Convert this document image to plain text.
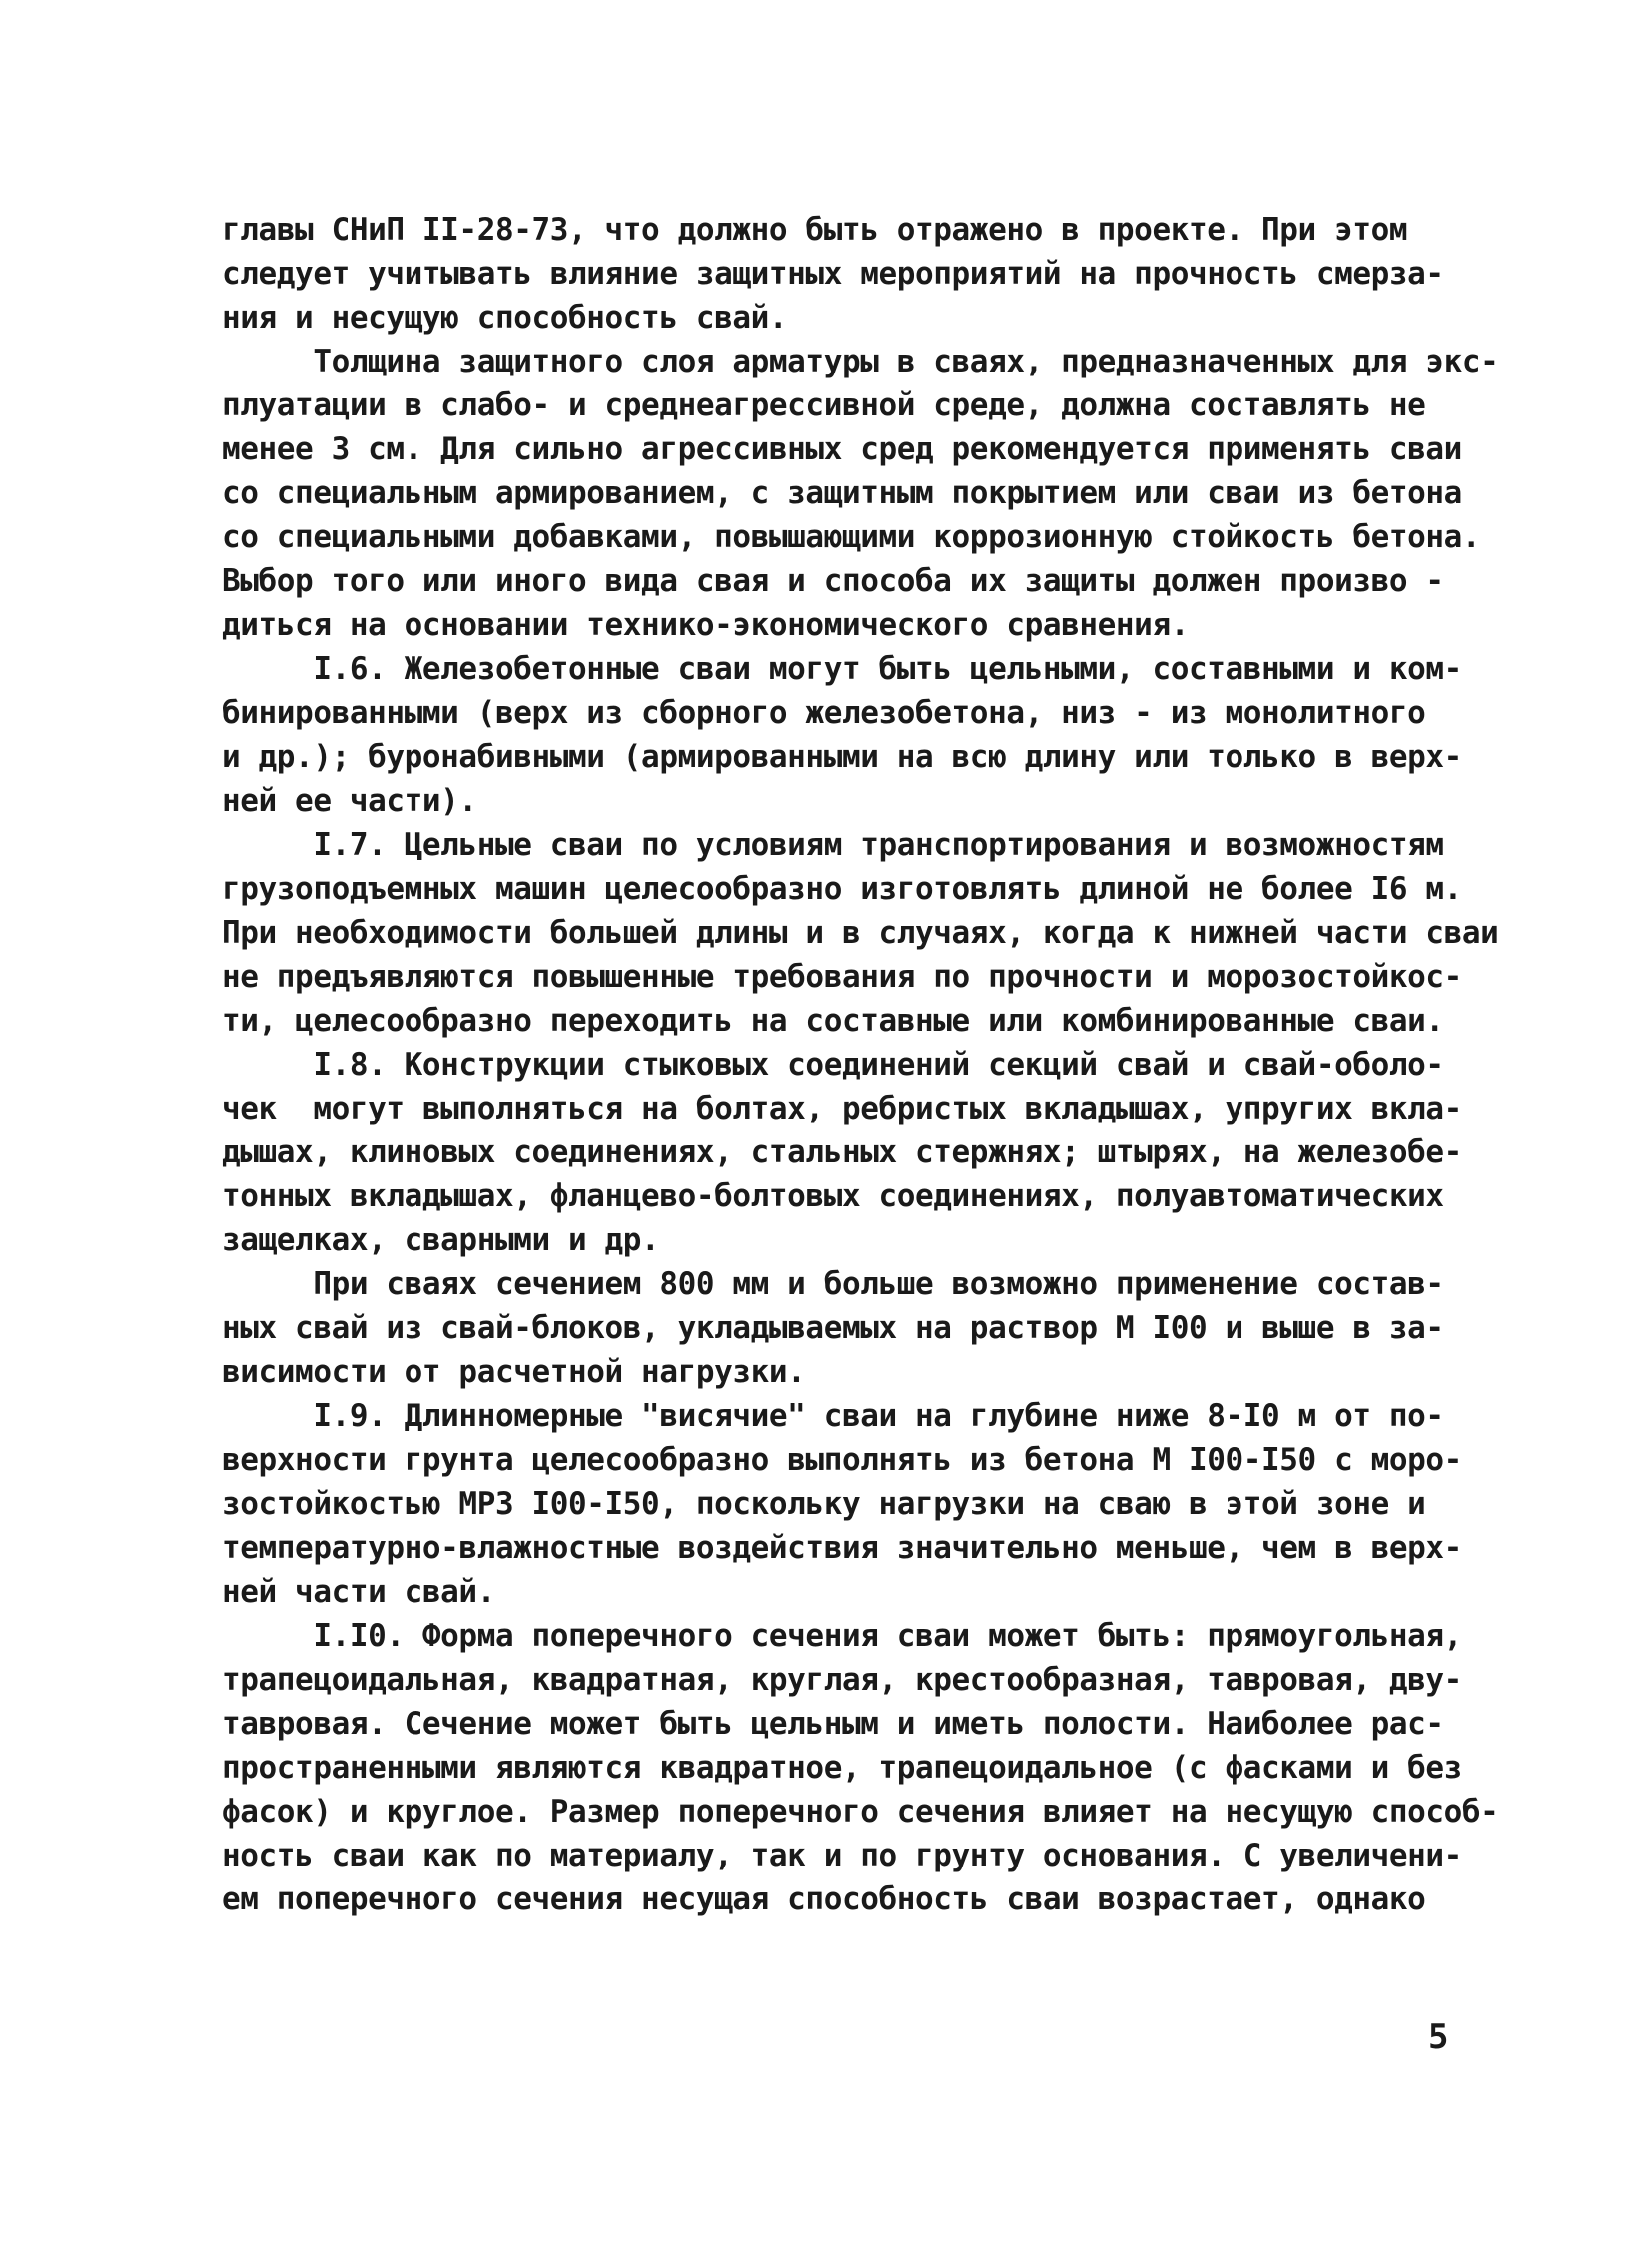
главы СНиП II-28-73, что должно быть отражено в проекте. При этом
следует учитывать влияние защитных мероприятий на прочность смерза-
ния и несущую способность свай.
Толщина защитного слоя арматуры в сваях, предназначенных для экс-
плуатации в слабо- и среднеагрессивной среде, должна составлять не
менее 3 см. Для сильно агрессивных сред рекомендуется применять сваи
со специальным армированием, с защитным покрытием или сваи из бетона
со специальными добавками, повышающими коррозионную стойкость бетона.
Выбор того или иного вида свая и способа их защиты должен произво -
диться на основании технико-экономического сравнения.
I.6. Железобетонные сваи могут быть цельными, составными и ком-
бинированными (верх из сборного железобетона, низ - из монолитного
и др.); буронабивными (армированными на всю длину или только в верх-
ней ее части).
I.7. Цельные сваи по условиям транспортирования и возможностям
грузоподъемных машин целесообразно изготовлять длиной не более I6 м.
При необходимости большей длины и в случаях, когда к нижней части сваи
не предъявляются повышенные требования по прочности и морозостойкос-
ти, целесообразно переходить на составные или комбинированные сваи.
I.8. Конструкции стыковых соединений секций свай и свай-оболо-
чек  могут выполняться на болтах, ребристых вкладышах, упругих вкла-
дышах, клиновых соединениях, стальных стержнях; штырях, на железобе-
тонных вкладышах, фланцево-болтовых соединениях, полуавтоматических
защелках, сварными и др.
При сваях сечением 800 мм и больше возможно применение состав-
ных свай из свай-блоков, укладываемых на раствор М I00 и выше в за-
висимости от расчетной нагрузки.
I.9. Длинномерные "висячие" сваи на глубине ниже 8-I0 м от по-
верхности грунта целесообразно выполнять из бетона М I00-I50 с моро-
зостойкостью МРЗ I00-I50, поскольку нагрузки на сваю в этой зоне и
температурно-влажностные воздействия значительно меньше, чем в верх-
ней части свай.
I.I0. Форма поперечного сечения сваи может быть: прямоугольная,
трапецоидальная, квадратная, круглая, крестообразная, тавровая, дву-
тавровая. Сечение может быть цельным и иметь полости. Наиболее рас-
пространенными являются квадратное, трапецоидальное (с фасками и без
фасок) и круглое. Размер поперечного сечения влияет на несущую способ-
ность сваи как по материалу, так и по грунту основания. С увеличени-
ем поперечного сечения несущая способность сваи возрастает, однако
5
